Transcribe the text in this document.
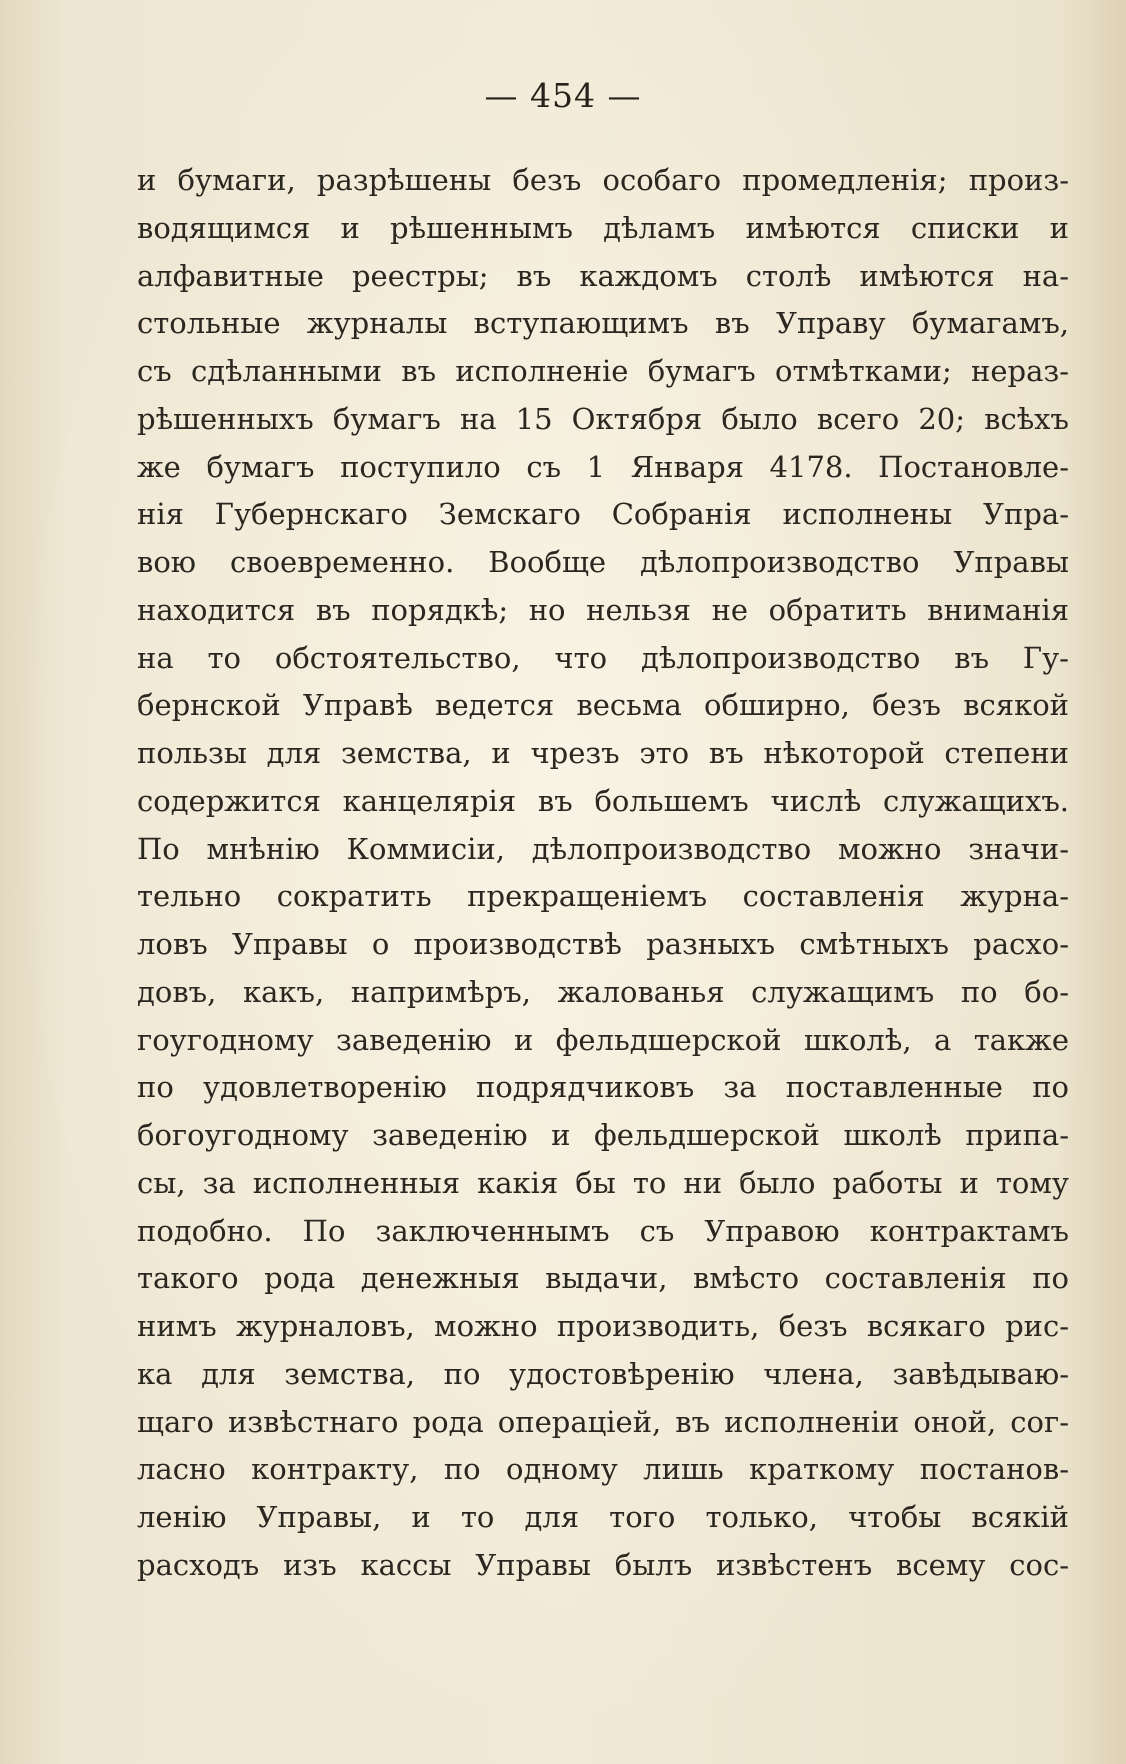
— 454 —
и бумаги, разрѣшены безъ особаго промедленія; произ-
водящимся и рѣшеннымъ дѣламъ имѣются списки и
алфавитные реестры; въ каждомъ столѣ имѣются на-
стольные журналы вступающимъ въ Управу бумагамъ,
съ сдѣланными въ исполненіе бумагъ отмѣтками; нераз-
рѣшенныхъ бумагъ на 15 Октября было всего 20; всѣхъ
же бумагъ поступило съ 1 Января 4178. Постановле-
нія Губернскаго Земскаго Собранія исполнены Упра-
вою своевременно. Вообще дѣлопроизводство Управы
находится въ порядкѣ; но нельзя не обратить вниманія
на то обстоятельство, что дѣлопроизводство въ Гу-
бернской Управѣ ведется весьма обширно, безъ всякой
пользы для земства, и чрезъ это въ нѣкоторой степени
содержится канцелярія въ большемъ числѣ служащихъ.
По мнѣнію Коммисіи, дѣлопроизводство можно значи-
тельно сократить прекращеніемъ составленія журна-
ловъ Управы о производствѣ разныхъ смѣтныхъ расхо-
довъ, какъ, напримѣръ, жалованья служащимъ по бо-
гоугодному заведенію и фельдшерской школѣ, а также
по удовлетворенію подрядчиковъ за поставленные по
богоугодному заведенію и фельдшерской школѣ припа-
сы, за исполненныя какія бы то ни было работы и тому
подобно. По заключеннымъ съ Управою контрактамъ
такого рода денежныя выдачи, вмѣсто составленія по
нимъ журналовъ, можно производить, безъ всякаго рис-
ка для земства, по удостовѣренію члена, завѣдываю-
щаго извѣстнаго рода операціей, въ исполненіи оной, сог-
ласно контракту, по одному лишь краткому постанов-
ленію Управы, и то для того только, чтобы всякій
расходъ изъ кассы Управы былъ извѣстенъ всему сос-
